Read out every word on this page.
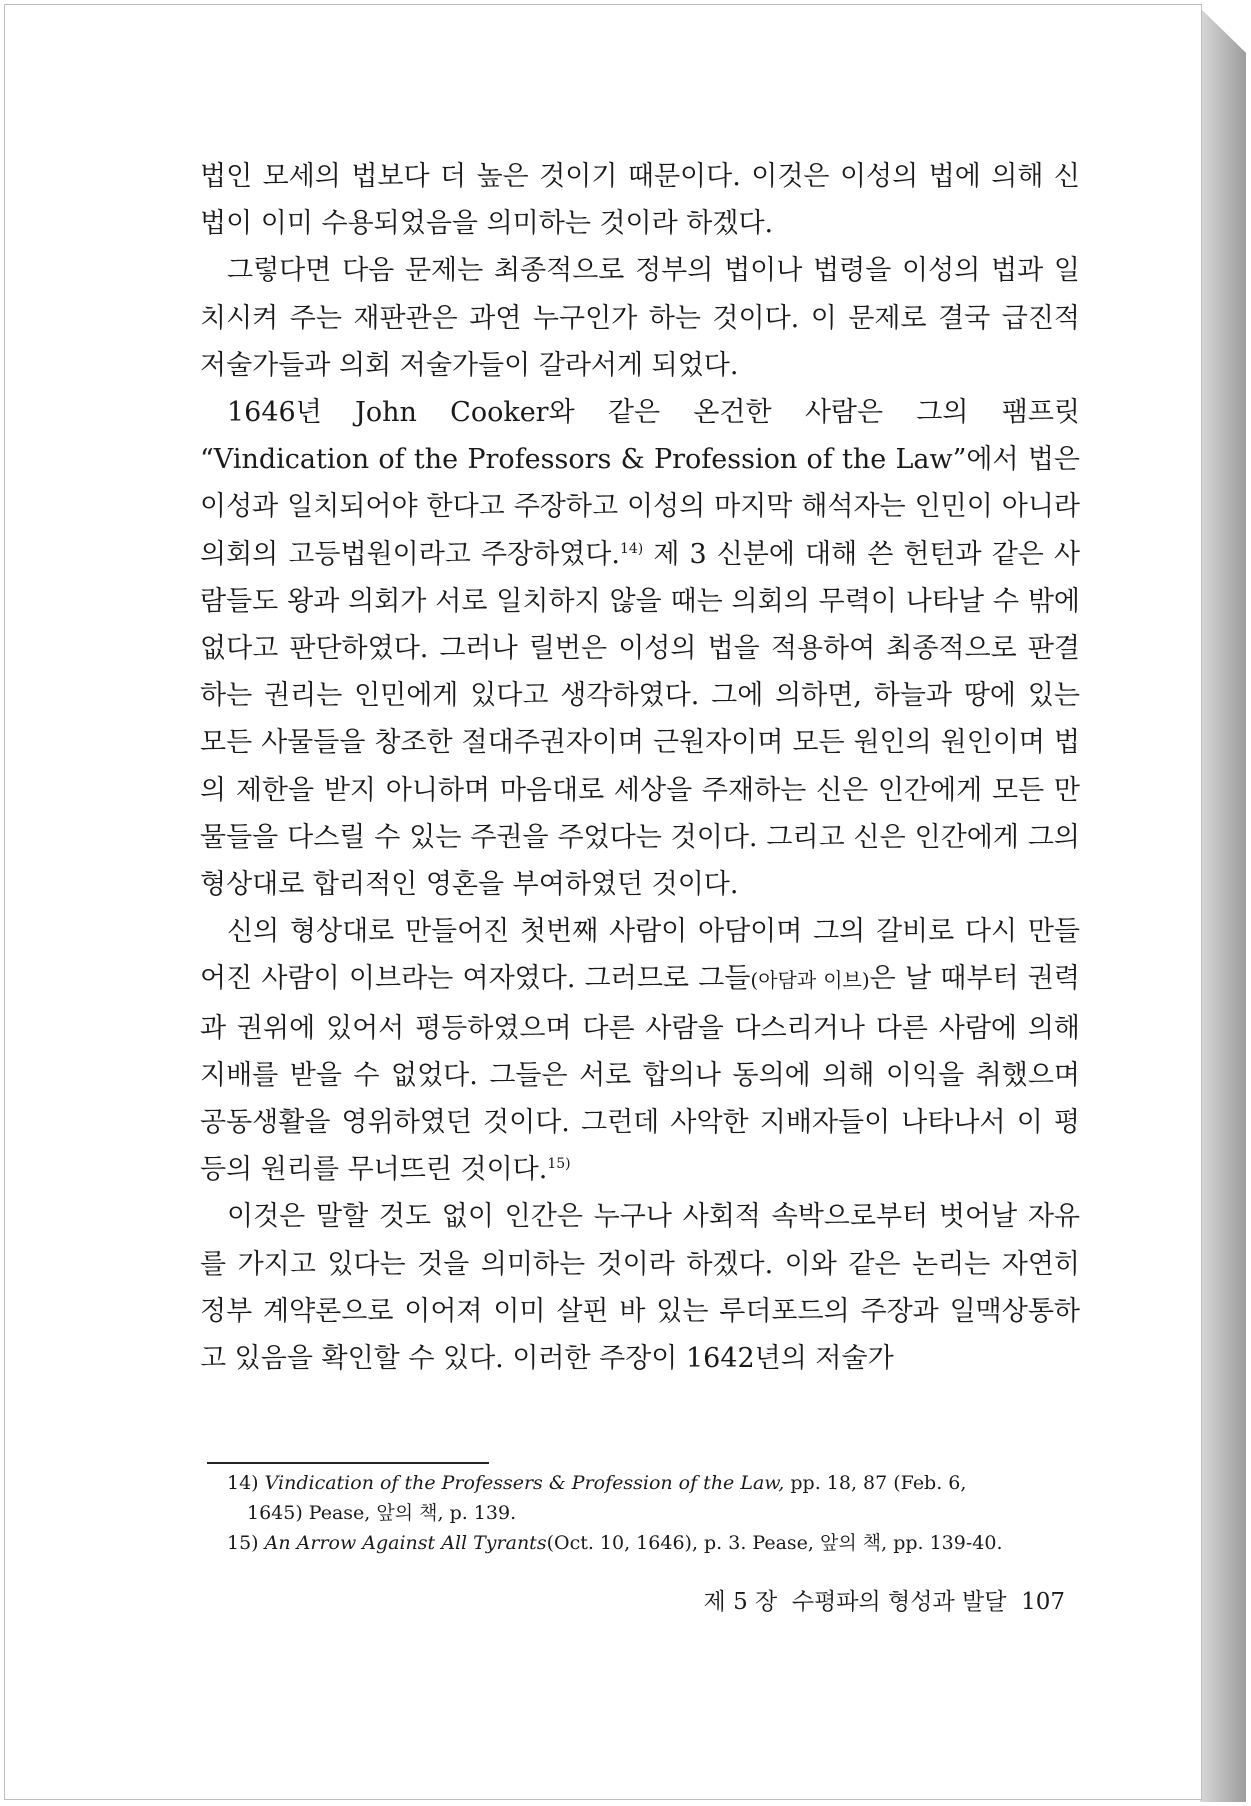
법인 모세의 법보다 더 높은 것이기 때문이다. 이것은 이성의 법에 의해 신법이 이미 수용되었음을 의미하는 것이라 하겠다.

그렇다면 다음 문제는 최종적으로 정부의 법이나 법령을 이성의 법과 일치시켜 주는 재판관은 과연 누구인가 하는 것이다. 이 문제로 결국 급진적 저술가들과 의회 저술가들이 갈라서게 되었다.

1646년 John Cooker와 같은 온건한 사람은 그의 팸프릿 “Vindication of the Professors & Profession of the Law”에서 법은 이성과 일치되어야 한다고 주장하고 이성의 마지막 해석자는 인민이 아니라 의회의 고등법원이라고 주장하였다.$^{14)}$ 제 3 신분에 대해 쓴 헌턴과 같은 사람들도 왕과 의회가 서로 일치하지 않을 때는 의회의 무력이 나타날 수 밖에 없다고 판단하였다. 그러나 릴번은 이성의 법을 적용하여 최종적으로 판결하는 권리는 인민에게 있다고 생각하였다. 그에 의하면, 하늘과 땅에 있는 모든 사물들을 창조한 절대주권자이며 근원자이며 모든 원인의 원인이며 법의 제한을 받지 아니하며 마음대로 세상을 주재하는 신은 인간에게 모든 만물들을 다스릴 수 있는 주권을 주었다는 것이다. 그리고 신은 인간에게 그의 형상대로 합리적인 영혼을 부여하였던 것이다.

신의 형상대로 만들어진 첫번째 사람이 아담이며 그의 갈비로 다시 만들어진 사람이 이브라는 여자였다. 그러므로 그들(아담과 이브)은 날 때부터 권력과 권위에 있어서 평등하였으며 다른 사람을 다스리거나 다른 사람에 의해 지배를 받을 수 없었다. 그들은 서로 합의나 동의에 의해 이익을 취했으며 공동생활을 영위하였던 것이다. 그런데 사악한 지배자들이 나타나서 이 평등의 원리를 무너뜨린 것이다.$^{15)}$

이것은 말할 것도 없이 인간은 누구나 사회적 속박으로부터 벗어날 자유를 가지고 있다는 것을 의미하는 것이라 하겠다. 이와 같은 논리는 자연히 정부 계약론으로 이어져 이미 살핀 바 있는 루더포드의 주장과 일맥상통하고 있음을 확인할 수 있다. 이러한 주장이 1642년의 저술가

14) Vindication of the Professers & Profession of the Law, pp. 18, 87 (Feb. 6,

1645) Pease, 앞의 책, p. 139.

15) An Arrow Against All Tyrants(Oct. 10, 1646), p. 3. Pease, 앞의 책, pp. 139-40.

제 5 장 수평파의 형성과 발달 107
